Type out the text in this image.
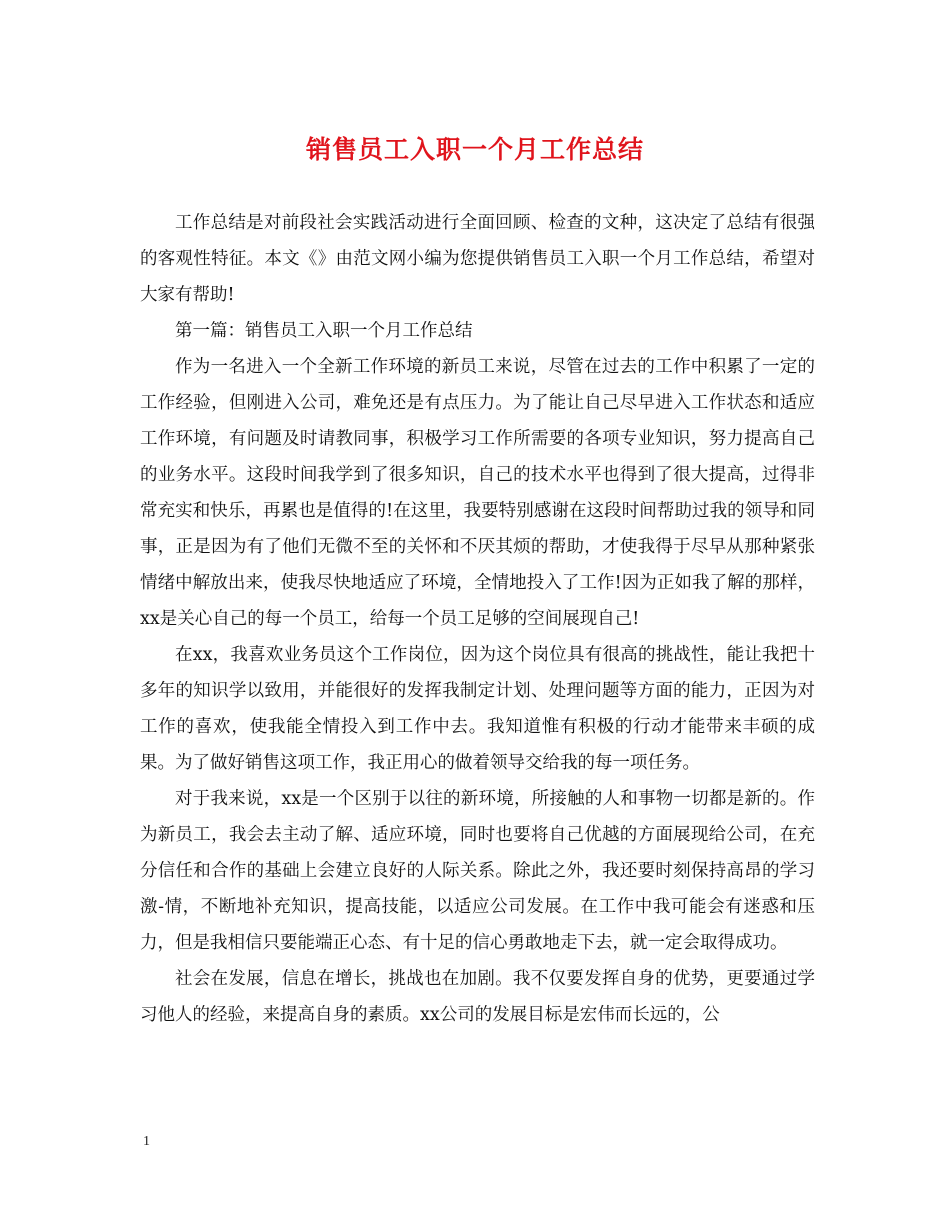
销售员工入职一个月工作总结

工作总结是对前段社会实践活动进行全面回顾、检查的文种，这决定了总结有很强的客观性特征。本文《》由范文网小编为您提供销售员工入职一个月工作总结，希望对大家有帮助!

第一篇：销售员工入职一个月工作总结

作为一名进入一个全新工作环境的新员工来说，尽管在过去的工作中积累了一定的工作经验，但刚进入公司，难免还是有点压力。为了能让自己尽早进入工作状态和适应工作环境，有问题及时请教同事，积极学习工作所需要的各项专业知识，努力提高自己的业务水平。这段时间我学到了很多知识，自己的技术水平也得到了很大提高，过得非常充实和快乐，再累也是值得的!在这里，我要特别感谢在这段时间帮助过我的领导和同事，正是因为有了他们无微不至的关怀和不厌其烦的帮助，才使我得于尽早从那种紧张情绪中解放出来，使我尽快地适应了环境，全情地投入了工作!因为正如我了解的那样，xx是关心自己的每一个员工，给每一个员工足够的空间展现自己!

在xx，我喜欢业务员这个工作岗位，因为这个岗位具有很高的挑战性，能让我把十多年的知识学以致用，并能很好的发挥我制定计划、处理问题等方面的能力，正因为对工作的喜欢，使我能全情投入到工作中去。我知道惟有积极的行动才能带来丰硕的成果。为了做好销售这项工作，我正用心的做着领导交给我的每一项任务。

对于我来说，xx是一个区别于以往的新环境，所接触的人和事物一切都是新的。作为新员工，我会去主动了解、适应环境，同时也要将自己优越的方面展现给公司，在充分信任和合作的基础上会建立良好的人际关系。除此之外，我还要时刻保持高昂的学习激-情，不断地补充知识，提高技能，以适应公司发展。在工作中我可能会有迷惑和压力，但是我相信只要能端正心态、有十足的信心勇敢地走下去，就一定会取得成功。

社会在发展，信息在增长，挑战也在加剧。我不仅要发挥自身的优势，更要通过学习他人的经验，来提高自身的素质。xx公司的发展目标是宏伟而长远的，公

1
